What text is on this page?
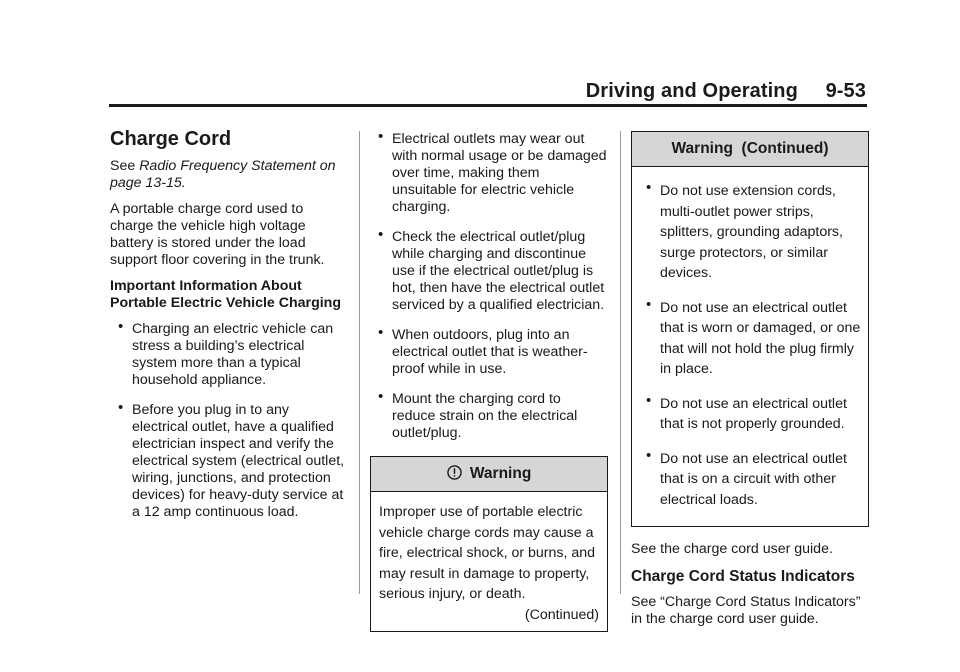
Driving and Operating 9-53
Charge Cord

See Radio Frequency Statement on page 13-15.

A portable charge cord used to charge the vehicle high voltage battery is stored under the load support floor covering in the trunk.

Important Information About Portable Electric Vehicle Charging

• Charging an electric vehicle can stress a building’s electrical system more than a typical household appliance.
• Before you plug in to any electrical outlet, have a qualified electrician inspect and verify the electrical system (electrical outlet, wiring, junctions, and protection devices) for heavy-duty service at a 12 amp continuous load.
• Electrical outlets may wear out with normal usage or be damaged over time, making them unsuitable for electric vehicle charging.
• Check the electrical outlet/plug while charging and discontinue use if the electrical outlet/plug is hot, then have the electrical outlet serviced by a qualified electrician.
• When outdoors, plug into an electrical outlet that is weather-proof while in use.
• Mount the charging cord to reduce strain on the electrical outlet/plug.
Warning
Improper use of portable electric vehicle charge cords may cause a fire, electrical shock, or burns, and may result in damage to property, serious injury, or death.
(Continued)
Warning  (Continued)
• Do not use extension cords, multi-outlet power strips, splitters, grounding adaptors, surge protectors, or similar devices.
• Do not use an electrical outlet that is worn or damaged, or one that will not hold the plug firmly in place.
• Do not use an electrical outlet that is not properly grounded.
• Do not use an electrical outlet that is on a circuit with other electrical loads.

See the charge cord user guide.

Charge Cord Status Indicators

See “Charge Cord Status Indicators” in the charge cord user guide.
